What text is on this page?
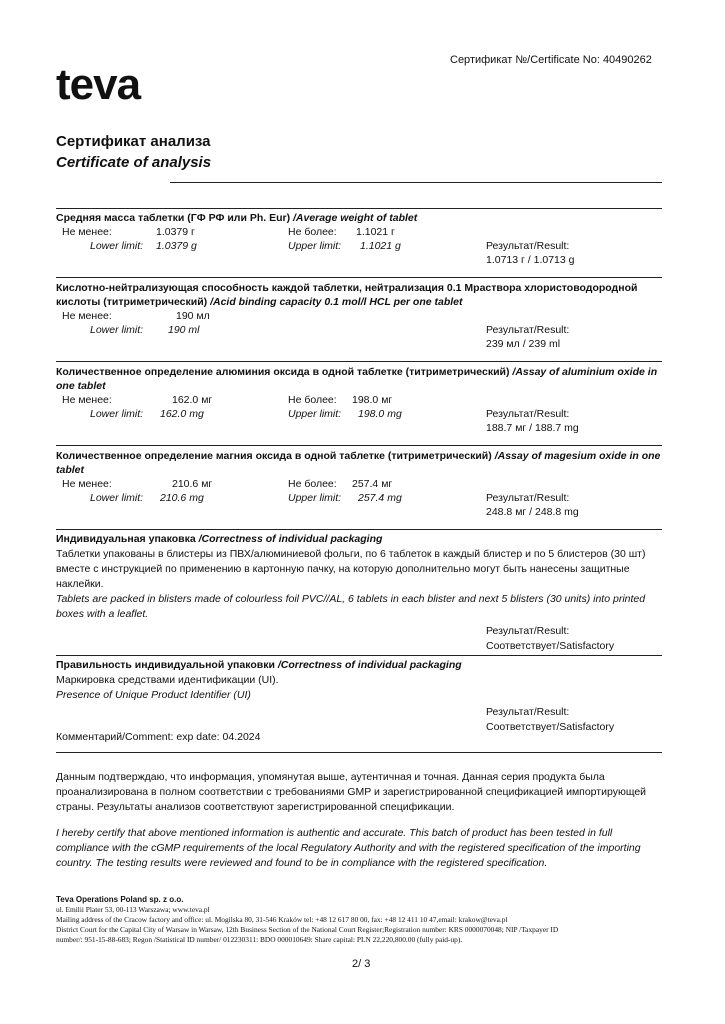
Сертификат №/Certificate No: 40490262
teva
Сертификат анализа
Certificate of analysis
Средняя масса таблетки (ГФ РФ или Ph. Eur) /Average weight of tablet
Не менее:	1.0379 г	Не более: 1.1021 г
Lower limit: 1.0379 g	Upper limit: 1.1021 g	Результат/Result:
1.0713 г / 1.0713 g
Кислотно-нейтрализующая способность каждой таблетки, нейтрализация 0.1 Мраствора хлористоводородной кислоты (титриметрический) /Acid binding capacity 0.1 mol/l HCL per one tablet
Не менее:	190 мл
Lower limit: 190 ml	Результат/Result:
239 мл / 239 ml
Количественное определение алюминия оксида в одной таблетке (титриметрический) /Assay of aluminium oxide in one tablet
Не менее:	162.0 мг	Не более: 198.0 мг
Lower limit: 162.0 mg	Upper limit: 198.0 mg	Результат/Result:
188.7 мг / 188.7 mg
Количественное определение магния оксида в одной таблетке (титриметрический) /Assay of magesium oxide in one tablet
Не менее:	210.6 мг	Не более: 257.4 мг
Lower limit: 210.6 mg	Upper limit: 257.4 mg	Результат/Result:
248.8 мг / 248.8 mg
Индивидуальная упаковка /Correctness of individual packaging
Таблетки упакованы в блистеры из ПВХ/алюминиевой фольги, по 6 таблеток в каждый блистер и по 5 блистеров (30 шт) вместе с инструкцией по применению в картонную пачку, на которую дополнительно могут быть нанесены защитные наклейки.
Tablets are packed in blisters made of colourless foil PVC//AL, 6 tablets in each blister and next 5 blisters (30 units) into printed boxes with a leaflet.
Результат/Result:
Соответствует/Satisfactory
Правильность индивидуальной упаковки /Correctness of individual packaging
Маркировка средствами идентификации (UI).
Presence of Unique Product Identifier (UI)
Результат/Result:
Соответствует/Satisfactory
Комментарий/Comment: exp date: 04.2024
Данным подтверждаю, что информация, упомянутая выше, аутентичная и точная. Данная серия продукта была проанализирована в полном соответствии с требованиями GMP и зарегистрированной спецификацией импортирующей страны. Результаты анализов соответствуют зарегистрированной спецификации.
I hereby certify that above mentioned information is authentic and accurate. This batch of product has been tested in full compliance with the cGMP requirements of the local Regulatory Authority and with the registered specification of the importing country. The testing results were reviewed and found to be in compliance with the registered specification.
Teva Operations Poland sp. z o.o.
ul. Emilii Plater 53, 00-113 Warszawa; www.teva.pl
Mailing address of the Cracow factory and office: ul. Mogilska 80, 31-546 Kraków tel: +48 12 617 80 00, fax: +48 12 411 10 47,email: krakow@teva.pl
District Court for the Capital City of Warsaw in Warsaw, 12th Business Section of the National Court Register;Registration number: KRS 0000070048; NIP /Taxpayer ID
number/: 951-15-88-683; Regon /Statistical ID number/ 012230311: BDO 000010649: Share capital: PLN 22,220,800.00 (fully paid-up).
2/ 3
